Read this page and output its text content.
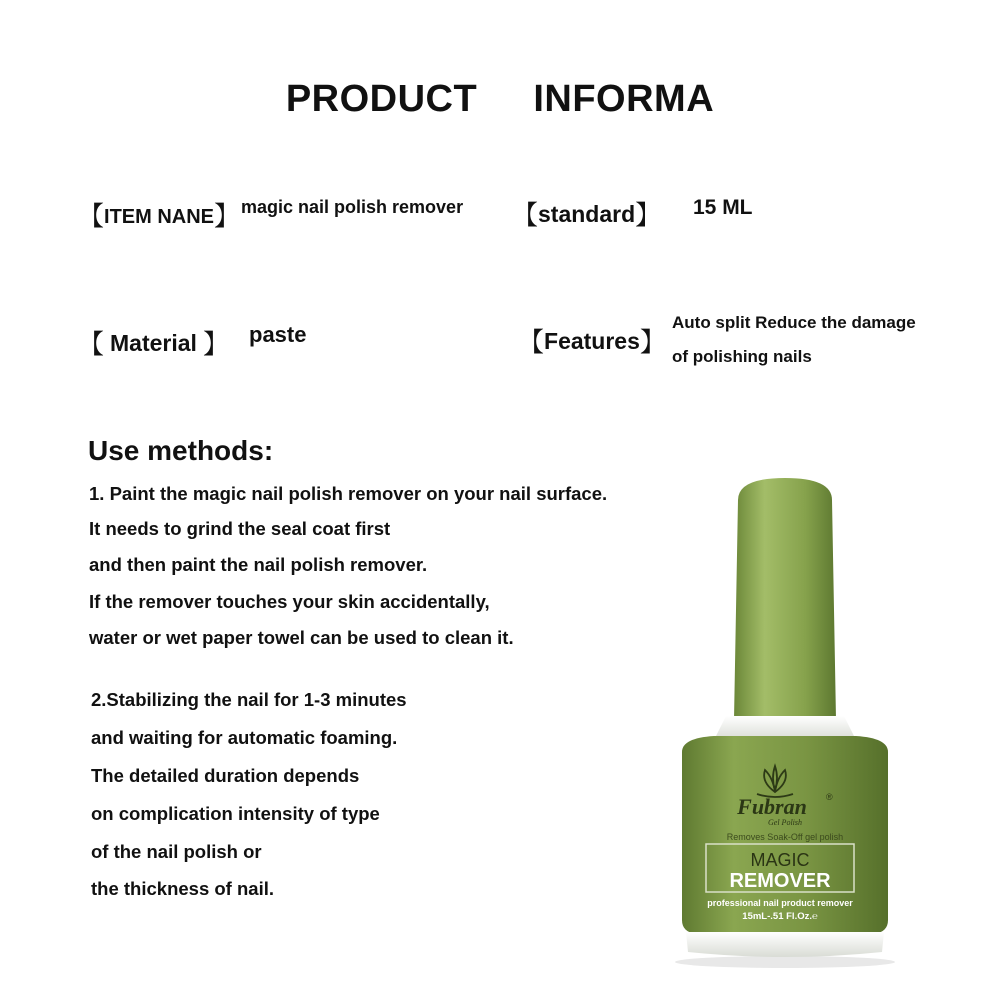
PRODUCT INFORMA
【ITEM NANE】 magic nail polish remover 【standard】 15 ML
【 Material 】 paste	【Features】
Auto split Reduce the damage
of polishing nails
Use methods:
1. Paint the magic nail polish remover on your nail surface.
It needs to grind the seal coat first
and then paint the nail polish remover.
If the remover touches your skin accidentally,
water or wet paper towel can be used to clean it.
2.Stabilizing the nail for 1-3 minutes
and waiting for automatic foaming.
The detailed duration depends
on complication intensity of type
of the nail polish or
the thickness of nail.
Fubran ®
Gel Polish
Removes Soak-Off gel polish
MAGIC
REMOVER
professional nail product remover
15mL-.51 Fl.Oz.℮
